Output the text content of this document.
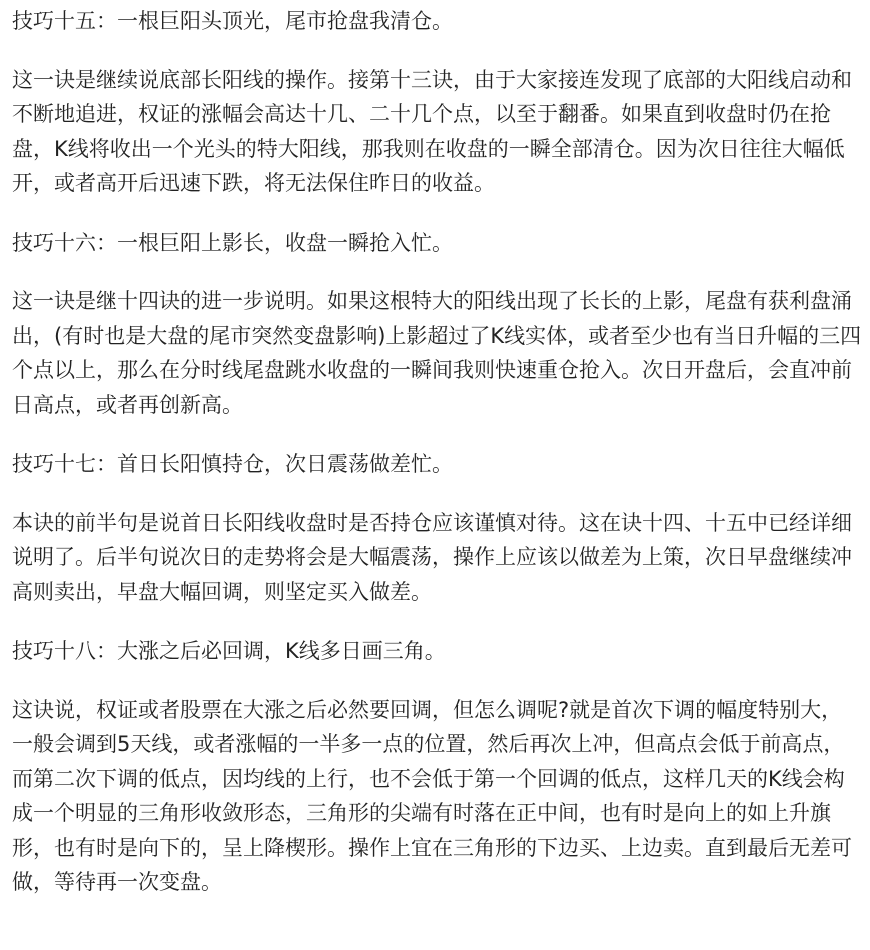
技巧十五：一根巨阳头顶光，尾市抢盘我清仓。

这一诀是继续说底部长阳线的操作。接第十三诀，由于大家接连发现了底部的大阳线启动和不断地追进，权证的涨幅会高达十几、二十几个点，以至于翻番。如果直到收盘时仍在抢盘，K线将收出一个光头的特大阳线，那我则在收盘的一瞬全部清仓。因为次日往往大幅低开，或者高开后迅速下跌，将无法保住昨日的收益。

技巧十六：一根巨阳上影长，收盘一瞬抢入忙。

这一诀是继十四诀的进一步说明。如果这根特大的阳线出现了长长的上影，尾盘有获利盘涌出，(有时也是大盘的尾市突然变盘影响)上影超过了K线实体，或者至少也有当日升幅的三四个点以上，那么在分时线尾盘跳水收盘的一瞬间我则快速重仓抢入。次日开盘后，会直冲前日高点，或者再创新高。

技巧十七：首日长阳慎持仓，次日震荡做差忙。

本诀的前半句是说首日长阳线收盘时是否持仓应该谨慎对待。这在诀十四、十五中已经详细说明了。后半句说次日的走势将会是大幅震荡，操作上应该以做差为上策，次日早盘继续冲高则卖出，早盘大幅回调，则坚定买入做差。

技巧十八：大涨之后必回调，K线多日画三角。

这诀说，权证或者股票在大涨之后必然要回调，但怎么调呢?就是首次下调的幅度特别大，一般会调到5天线，或者涨幅的一半多一点的位置，然后再次上冲，但高点会低于前高点，而第二次下调的低点，因均线的上行，也不会低于第一个回调的低点，这样几天的K线会构成一个明显的三角形收敛形态，三角形的尖端有时落在正中间，也有时是向上的如上升旗形，也有时是向下的，呈上降楔形。操作上宜在三角形的下边买、上边卖。直到最后无差可做，等待再一次变盘。
